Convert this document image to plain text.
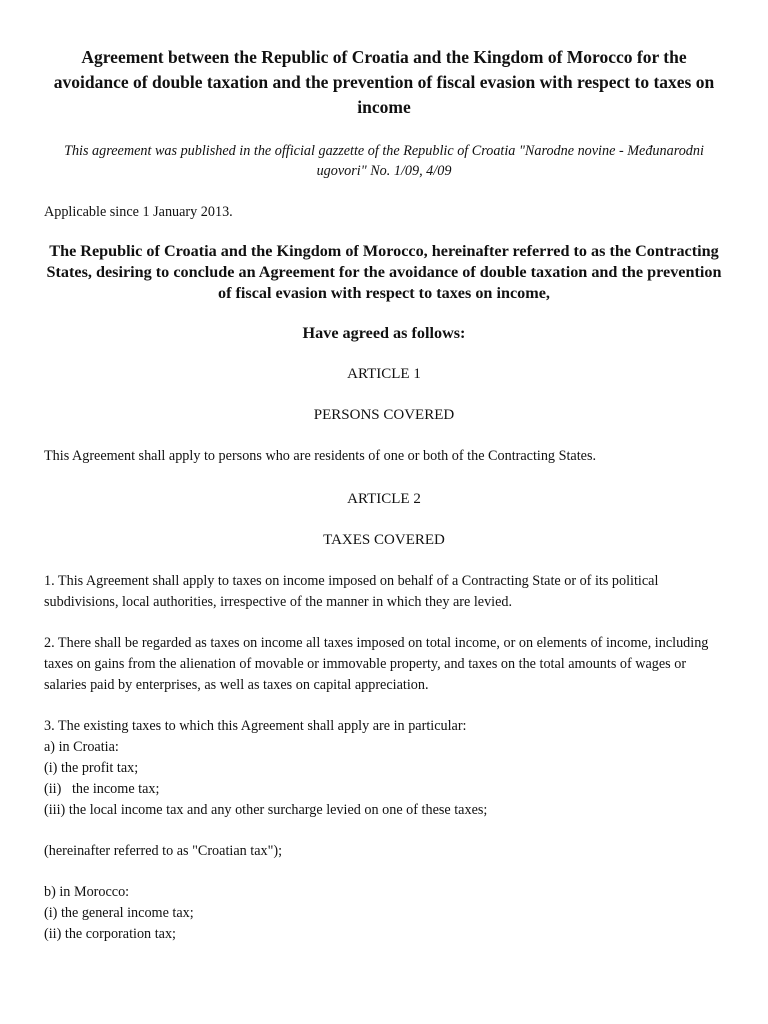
Agreement between the Republic of Croatia and the Kingdom of Morocco for the avoidance of double taxation and the prevention of fiscal evasion with respect to taxes on income

This agreement was published in the official gazzette of the Republic of Croatia "Narodne novine - Međunarodni ugovori" No. 1/09, 4/09

Applicable since 1 January 2013.

The Republic of Croatia and the Kingdom of Morocco, hereinafter referred to as the Contracting States, desiring to conclude an Agreement for the avoidance of double taxation and the prevention of fiscal evasion with respect to taxes on income,

Have agreed as follows:

ARTICLE 1

PERSONS COVERED

This Agreement shall apply to persons who are residents of one or both of the Contracting States.

ARTICLE 2

TAXES COVERED

1. This Agreement shall apply to taxes on income imposed on behalf of a Contracting State or of its political subdivisions, local authorities, irrespective of the manner in which they are levied.

2. There shall be regarded as taxes on income all taxes imposed on total income, or on elements of income, including taxes on gains from the alienation of movable or immovable property, and taxes on the total amounts of wages or salaries paid by enterprises, as well as taxes on capital appreciation.

3. The existing taxes to which this Agreement shall apply are in particular:

a) in Croatia:

(i) the profit tax;

(ii)   the income tax;

(iii) the local income tax and any other surcharge levied on one of these taxes;

(hereinafter referred to as "Croatian tax");

b) in Morocco:

(i) the general income tax;

(ii) the corporation tax;
